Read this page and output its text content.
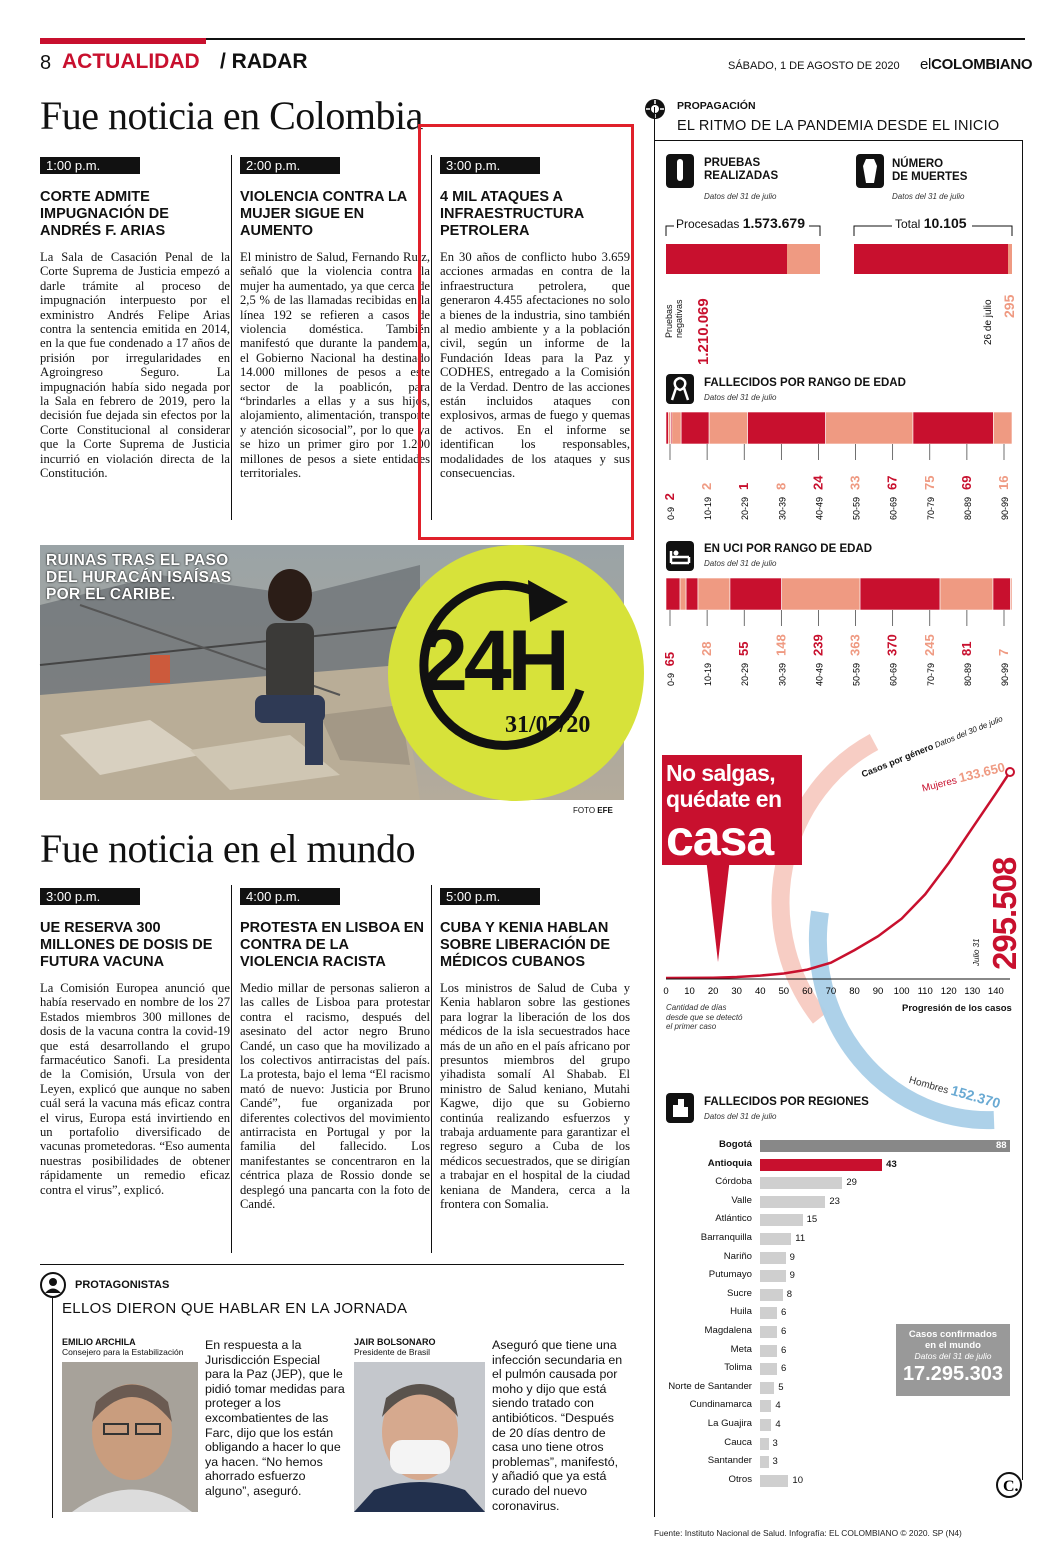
8 ACTUALIDAD / RADAR	SÁBADO, 1 DE AGOSTO DE 2020 elCOLOMBIANO
Fue noticia en Colombia
1:00 p.m.
CORTE ADMITE IMPUGNACIÓN DE ANDRÉS F. ARIAS
La Sala de Casación Penal de la Corte Suprema de Justicia empezó a darle trámite al proceso de impugnación interpuesto por el exministro Andrés Felipe Arias contra la sentencia emitida en 2014, en la que fue condenado a 17 años de prisión por irregularidades en Agroingreso Seguro. La impugnación había sido negada por la Sala en febrero de 2019, pero la decisión fue dejada sin efectos por la Corte Constitucional al considerar que la Corte Suprema de Justicia incurrió en violación directa de la Constitución.
2:00 p.m.
VIOLENCIA CONTRA LA MUJER SIGUE EN AUMENTO
El ministro de Salud, Fernando Ruiz, señaló que la violencia contra la mujer ha aumentado, ya que cerca de 2,5 % de las llamadas recibidas en la línea 192 se refieren a casos de violencia doméstica. También manifestó que durante la pandemia, el Gobierno Nacional ha destinado 14.000 millones de pesos a este sector de la poablicón, para “brindarles a ellas y a sus hijos, alojamiento, alimentación, transporte y atención sicosocial”, por lo que ya se hizo un primer giro por 1.200 millones de pesos a siete entidades territoriales.
3:00 p.m.
4 MIL ATAQUES A INFRAESTRUCTURA PETROLERA
En 30 años de conflicto hubo 3.659 acciones armadas en contra de la infraestructura petrolera, que generaron 4.455 afectaciones no solo a bienes de la industria, sino también al medio ambiente y a la población civil, según un informe de la Fundación Ideas para la Paz y CODHES, entregado a la Comisión de la Verdad. Dentro de las acciones están incluidos ataques con explosivos, armas de fuego y quemas de activos. En el informe se identifican los responsables, modalidades de los ataques y sus consecuencias.
RUINAS TRAS EL PASO
DEL HURACÁN ISAÍSAS
POR EL CARIBE.
24H
31/07/20
FOTO EFE
Fue noticia en el mundo
3:00 p.m.
UE RESERVA 300 MILLONES DE DOSIS DE FUTURA VACUNA
La Comisión Europea anunció que había reservado en nombre de los 27 Estados miembros 300 millones de dosis de la vacuna contra la covid-19 que está desarrollando el grupo farmacéutico Sanofi. La presidenta de la Comisión, Ursula von der Leyen, explicó que aunque no saben cuál será la vacuna más eficaz contra el virus, Europa está invirtiendo en un portafolio diversificado de vacunas prometedoras. “Eso aumenta nuestras posibilidades de obtener rápidamente un remedio eficaz contra el virus”, explicó.
4:00 p.m.
PROTESTA EN LISBOA EN CONTRA DE LA VIOLENCIA RACISTA
Medio millar de personas salieron a las calles de Lisboa para protestar contra el racismo, después del asesinato del actor negro Bruno Candé, un caso que ha movilizado a los colectivos antirracistas del país. La protesta, bajo el lema “El racismo mató de nuevo: Justicia por Bruno Candé”, fue organizada por diferentes colectivos del movimiento antirracista en Portugal y por la familia del fallecido. Los manifestantes se concentraron en la céntrica plaza de Rossio donde se desplegó una pancarta con la foto de Candé.
5:00 p.m.
CUBA Y KENIA HABLAN SOBRE LIBERACIÓN DE MÉDICOS CUBANOS
Los ministros de Salud de Cuba y Kenia hablaron sobre las gestiones para lograr la liberación de los dos médicos de la isla secuestrados hace más de un año en el país africano por presuntos miembros del grupo yihadista somalí Al Shabab. El ministro de Salud keniano, Mutahi Kagwe, dijo que su Gobierno continúa realizando esfuerzos y trabaja arduamente para garantizar el regreso seguro a Cuba de los médicos secuestrados, que se dirigían a trabajar en el hospital de la ciudad keniana de Mandera, cerca a la frontera con Somalia.
PROTAGONISTAS
ELLOS DIERON QUE HABLAR EN LA JORNADA
EMILIO ARCHILA
Consejero para la Estabilización	En respuesta a la Jurisdicción Especial para la Paz (JEP), que le pidió tomar medidas para proteger a los excombatientes de las Farc, dijo que los están obligando a hacer lo que ya hacen. “No hemos ahorrado esfuerzo alguno”, aseguró.
JAIR BOLSONARO
Presidente de Brasil	Aseguró que tiene una infección secundaria en el pulmón causada por moho y dijo que está siendo tratado con antibióticos. “Después de 20 días dentro de casa uno tiene otros problemas”, manifestó, y añadió que ya está curado del nuevo coronavirus.
PROPAGACIÓN
EL RITMO DE LA PANDEMIA DESDE EL INICIO
PRUEBAS
REALIZADAS
Datos del 31 de julio
Procesadas 1.573.679
Pruebas negativas 1.210.069
NÚMERO
DE MUERTES
Datos del 31 de julio
Total 10.105
26 de julio 295
FALLECIDOS POR RANGO DE EDAD
Datos del 31 de julio
0-9
2
10-19
2
20-29
1
30-39
8
40-49
24
50-59
33
60-69
67
70-79
75
80-89
69
90-99
16
EN UCI POR RANGO DE EDAD
Datos del 31 de julio
0-9
65
10-19
28
20-29
55
30-39
148
40-49
239
50-59
363
60-69
370
70-79
245
80-89
81
90-99
7
0 10 20 30 40 50 60 70 80 90 100 110 120 130 140
No salgas,
quédate en
casa
Casos por género Datos del 30 de julio
Mujeres 133.650
Hombres 152.370
Julio 31 295.508
Cantidad de días
desde que se detectó
el primer caso
Progresión de los casos
FALLECIDOS POR REGIONES
Datos del 31 de julio
Bogotá	88
Antioquia	43
Córdoba	29
Valle	23
Atlántico	15
Barranquilla	11
Nariño	9
Putumayo	9
Sucre	8
Huila	6
Magdalena	6
Meta	6
Tolima	6
Norte de Santander	5
Cundinamarca 4
La Guajira 4
Cauca 3
Santander 3
Otros	10
Casos confirmados
en el mundo
Datos del 31 de julio
17.295.303
C.
Fuente: Instituto Nacional de Salud. Infografía: EL COLOMBIANO © 2020. SP (N4)
